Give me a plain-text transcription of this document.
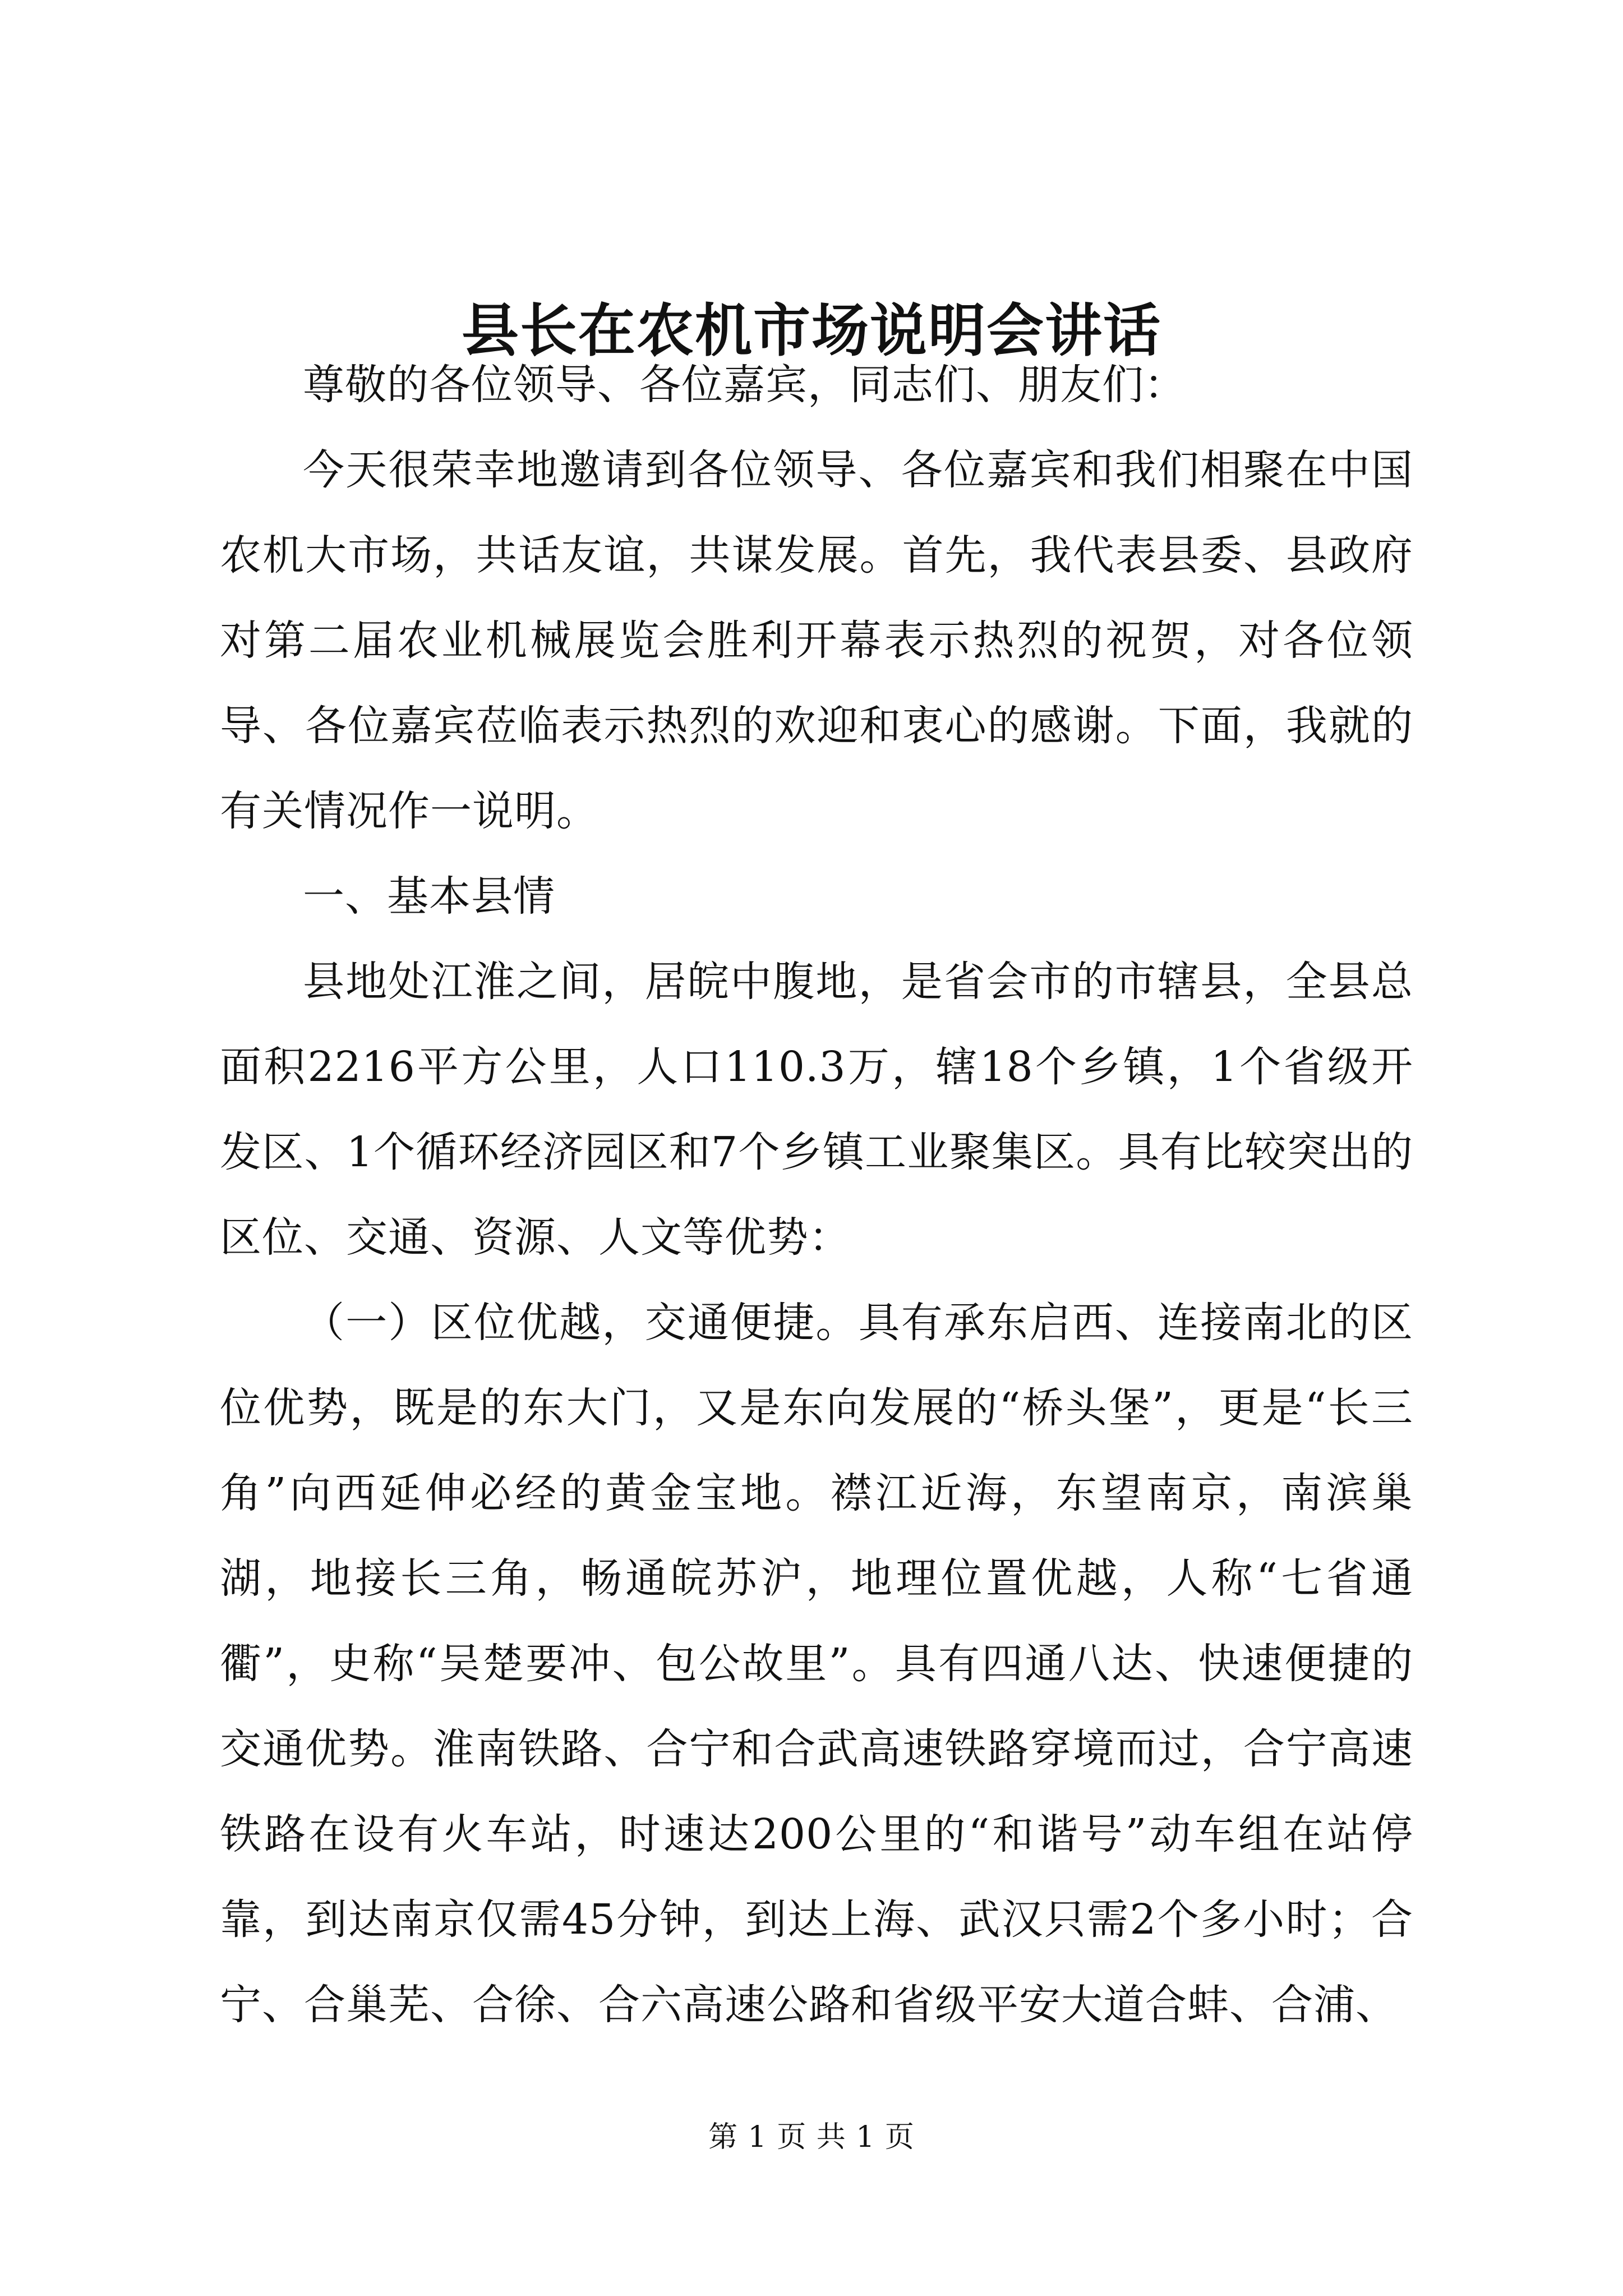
县长在农机市场说明会讲话

尊敬的各位领导、各位嘉宾，同志们、朋友们：

今天很荣幸地邀请到各位领导、各位嘉宾和我们相聚在中国农机大市场，共话友谊，共谋发展。首先，我代表县委、县政府对第二届农业机械展览会胜利开幕表示热烈的祝贺，对各位领导、各位嘉宾莅临表示热烈的欢迎和衷心的感谢。下面，我就的有关情况作一说明。

一、基本县情

县地处江淮之间，居皖中腹地，是省会市的市辖县，全县总面积2216平方公里，人口110.3万，辖18个乡镇，1个省级开发区、1个循环经济园区和7个乡镇工业聚集区。具有比较突出的区位、交通、资源、人文等优势：

（一）区位优越，交通便捷。具有承东启西、连接南北的区位优势，既是的东大门，又是东向发展的“桥头堡”，更是“长三角”向西延伸必经的黄金宝地。襟江近海，东望南京，南滨巢湖，地接长三角，畅通皖苏沪，地理位置优越，人称“七省通衢”，史称“吴楚要冲、包公故里”。具有四通八达、快速便捷的交通优势。淮南铁路、合宁和合武高速铁路穿境而过，合宁高速铁路在设有火车站，时速达200公里的“和谐号”动车组在站停靠，到达南京仅需45分钟，到达上海、武汉只需2个多小时；合宁、合巢芜、合徐、合六高速公路和省级平安大道合蚌、合浦、

第 1 页 共 1 页
